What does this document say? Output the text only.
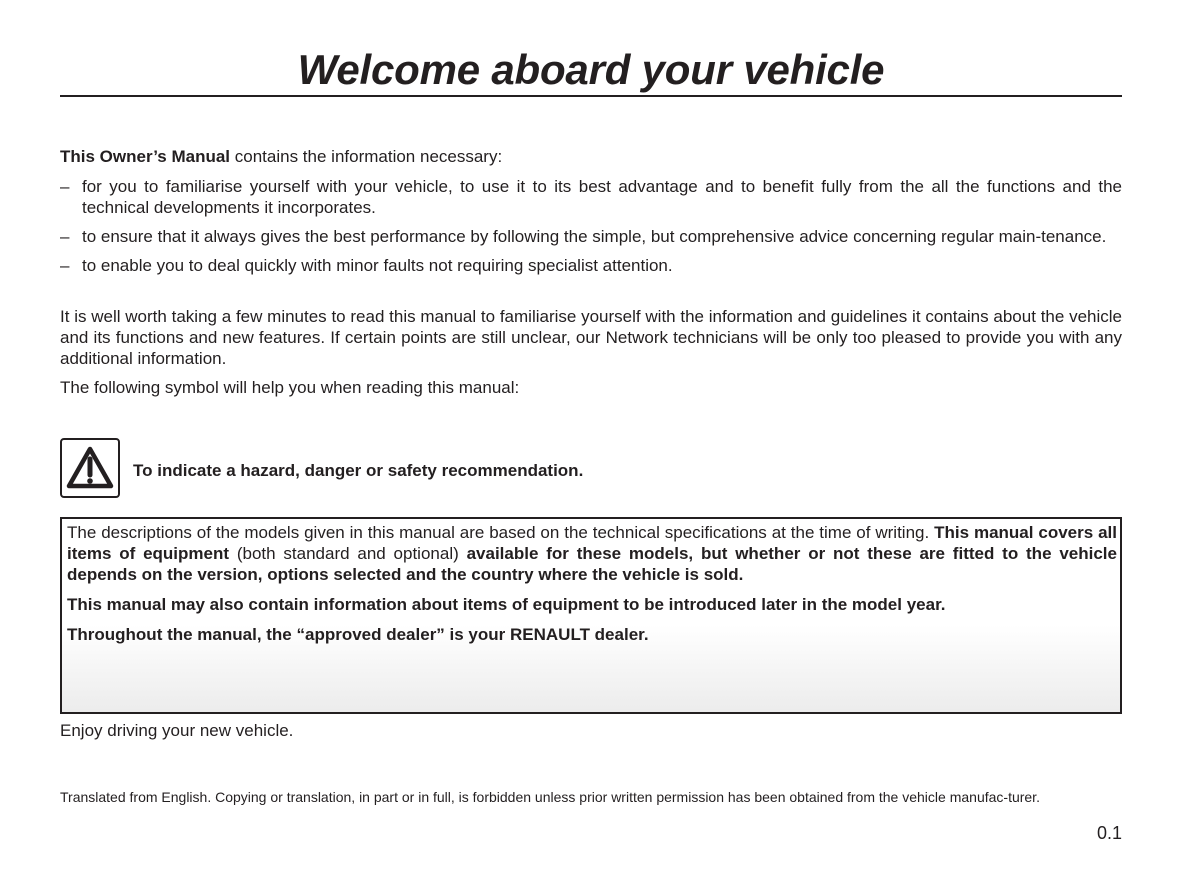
Welcome aboard your vehicle

This Owner’s Manual contains the information necessary:

– for you to familiarise yourself with your vehicle, to use it to its best advantage and to benefit fully from the all the functions and the technical developments it incorporates.
– to ensure that it always gives the best performance by following the simple, but comprehensive advice concerning regular main-tenance.
– to enable you to deal quickly with minor faults not requiring specialist attention.

It is well worth taking a few minutes to read this manual to familiarise yourself with the information and guidelines it contains about the vehicle and its functions and new features. If certain points are still unclear, our Network technicians will be only too pleased to provide you with any additional information.

The following symbol will help you when reading this manual:

To indicate a hazard, danger or safety recommendation.

The descriptions of the models given in this manual are based on the technical specifications at the time of writing. This manual covers all items of equipment (both standard and optional) available for these models, but whether or not these are fitted to the vehicle depends on the version, options selected and the country where the vehicle is sold.

This manual may also contain information about items of equipment to be introduced later in the model year.

Throughout the manual, the “approved dealer” is your RENAULT dealer.

Enjoy driving your new vehicle.

Translated from English. Copying or translation, in part or in full, is forbidden unless prior written permission has been obtained from the vehicle manufac-turer.

0.1
